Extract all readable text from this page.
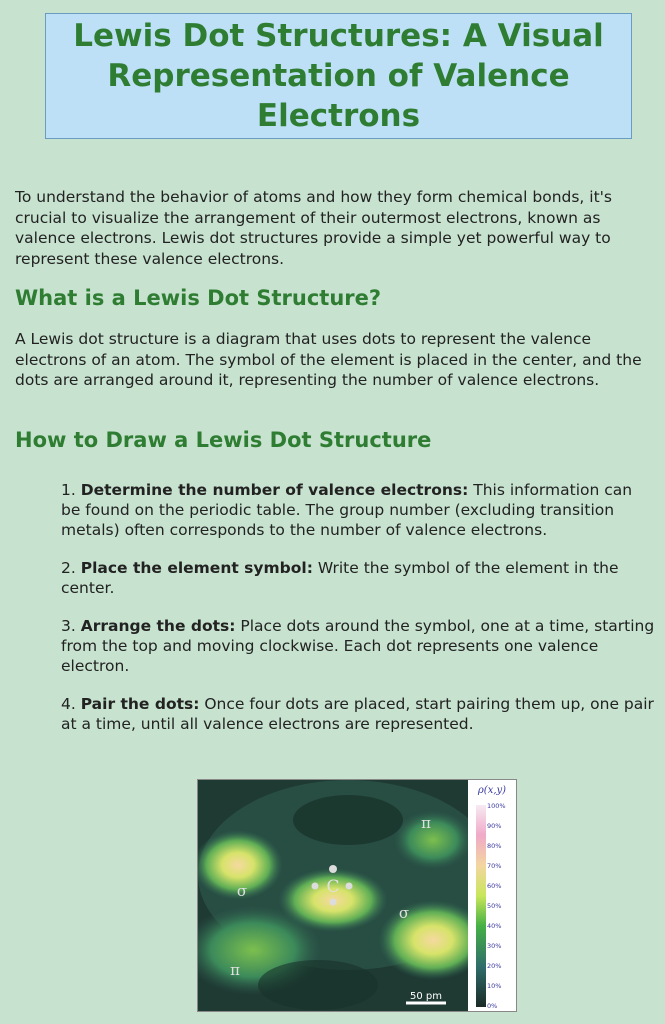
Lewis Dot Structures: A Visual Representation of Valence Electrons

To understand the behavior of atoms and how they form chemical bonds, it's crucial to visualize the arrangement of their outermost electrons, known as valence electrons. Lewis dot structures provide a simple yet powerful way to represent these valence electrons.

What is a Lewis Dot Structure?

A Lewis dot structure is a diagram that uses dots to represent the valence electrons of an atom. The symbol of the element is placed in the center, and the dots are arranged around it, representing the number of valence electrons.

How to Draw a Lewis Dot Structure
1. Determine the number of valence electrons: This information can be found on the periodic table. The group number (excluding transition metals) often corresponds to the number of valence electrons.
2. Place the element symbol: Write the symbol of the element in the center.
3. Arrange the dots: Place dots around the symbol, one at a time, starting from the top and moving clockwise. Each dot represents one valence electron.
4. Pair the dots: Once four dots are placed, start pairing them up, one pair at a time, until all valence electrons are represented.
C
σ
σ
π
π
50 pm
ρ(x,y)
100%
90%
80%
70%
60%
50%
40%
30%
20%
10%
0%
